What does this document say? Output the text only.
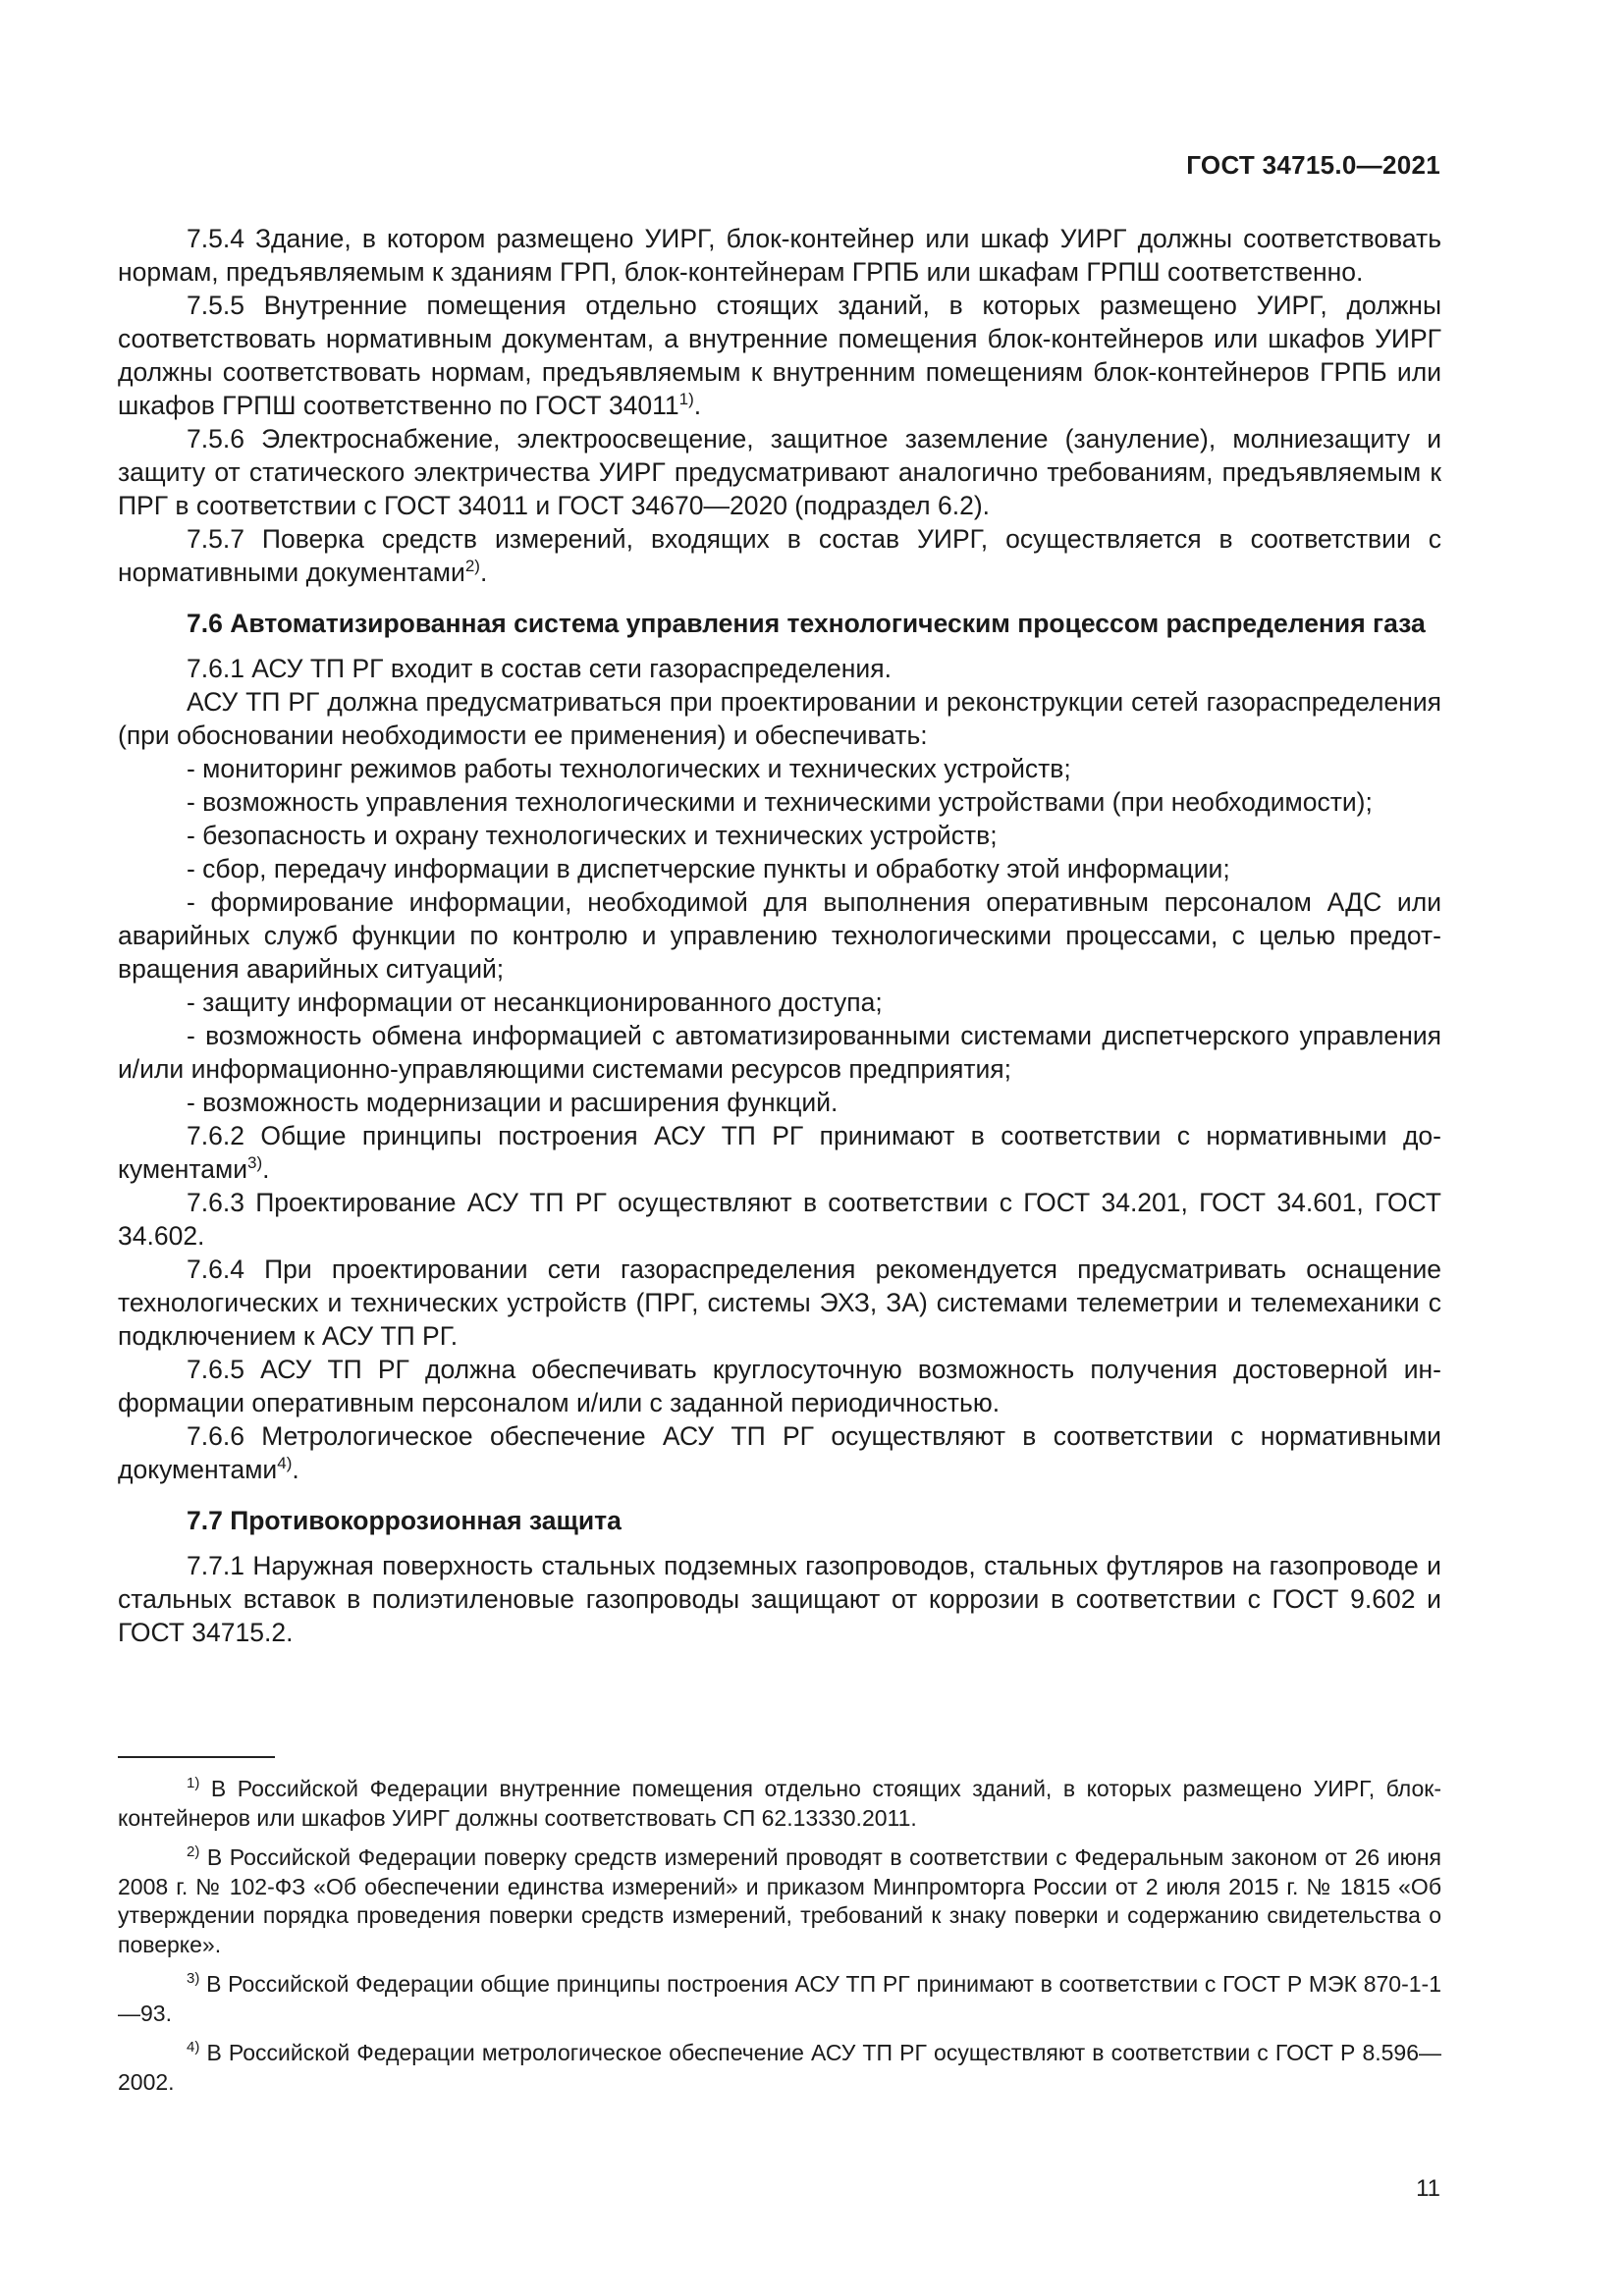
ГОСТ 34715.0—2021

7.5.4 Здание, в котором размещено УИРГ, блок-контейнер или шкаф УИРГ должны соответствовать нормам, предъявляемым к зданиям ГРП, блок-контейнерам ГРПБ или шкафам ГРПШ соответственно.

7.5.5 Внутренние помещения отдельно стоящих зданий, в которых размещено УИРГ, должны соответствовать нормативным документам, а внутренние помещения блок-контейнеров или шкафов УИРГ должны соответствовать нормам, предъявляемым к внутренним помещениям блок-контейнеров ГРПБ или шкафов ГРПШ соответственно по ГОСТ 34011$^{1)}$.

7.5.6 Электроснабжение, электроосвещение, защитное заземление (зануление), молниезащиту и защиту от статического электричества УИРГ предусматривают аналогично требованиям, предъявляемым к ПРГ в соответствии с ГОСТ 34011 и ГОСТ 34670—2020 (подраздел 6.2).

7.5.7 Поверка средств измерений, входящих в состав УИРГ, осуществляется в соответствии с нормативными документами$^{2)}$.

7.6 Автоматизированная система управления технологическим процессом распределения газа

7.6.1 АСУ ТП РГ входит в состав сети газораспределения.

АСУ ТП РГ должна предусматриваться при проектировании и реконструкции сетей газораспределения (при обосновании необходимости ее применения) и обеспечивать:

- мониторинг режимов работы технологических и технических устройств;

- возможность управления технологическими и техническими устройствами (при необходимости);

- безопасность и охрану технологических и технических устройств;

- сбор, передачу информации в диспетчерские пункты и обработку этой информации;

- формирование информации, необходимой для выполнения оперативным персоналом АДС или аварийных служб функции по контролю и управлению технологическими процессами, с целью предотвращения аварийных ситуаций;

- защиту информации от несанкционированного доступа;

- возможность обмена информацией с автоматизированными системами диспетчерского управления и/или информационно-управляющими системами ресурсов предприятия;

- возможность модернизации и расширения функций.

7.6.2 Общие принципы построения АСУ ТП РГ принимают в соответствии с нормативными документами$^{3)}$.

7.6.3 Проектирование АСУ ТП РГ осуществляют в соответствии с ГОСТ 34.201, ГОСТ 34.601, ГОСТ 34.602.

7.6.4 При проектировании сети газораспределения рекомендуется предусматривать оснащение технологических и технических устройств (ПРГ, системы ЭХЗ, ЗА) системами телеметрии и телемеханики с подключением к АСУ ТП РГ.

7.6.5 АСУ ТП РГ должна обеспечивать круглосуточную возможность получения достоверной информации оперативным персоналом и/или с заданной периодичностью.

7.6.6 Метрологическое обеспечение АСУ ТП РГ осуществляют в соответствии с нормативными документами$^{4)}$.

7.7 Противокоррозионная защита

7.7.1 Наружная поверхность стальных подземных газопроводов, стальных футляров на газопроводе и стальных вставок в полиэтиленовые газопроводы защищают от коррозии в соответствии с ГОСТ 9.602 и ГОСТ 34715.2.

$^{1)}$ В Российской Федерации внутренние помещения отдельно стоящих зданий, в которых размещено УИРГ, блок-контейнеров или шкафов УИРГ должны соответствовать СП 62.13330.2011.

$^{2)}$ В Российской Федерации поверку средств измерений проводят в соответствии с Федеральным законом от 26 июня 2008 г. № 102-ФЗ «Об обеспечении единства измерений» и приказом Минпромторга России от 2 июля 2015 г. № 1815 «Об утверждении порядка проведения поверки средств измерений, требований к знаку поверки и содержанию свидетельства о поверке».

$^{3)}$ В Российской Федерации общие принципы построения АСУ ТП РГ принимают в соответствии с ГОСТ Р МЭК 870-1-1—93.

$^{4)}$ В Российской Федерации метрологическое обеспечение АСУ ТП РГ осуществляют в соответствии с ГОСТ Р 8.596—2002.

11
